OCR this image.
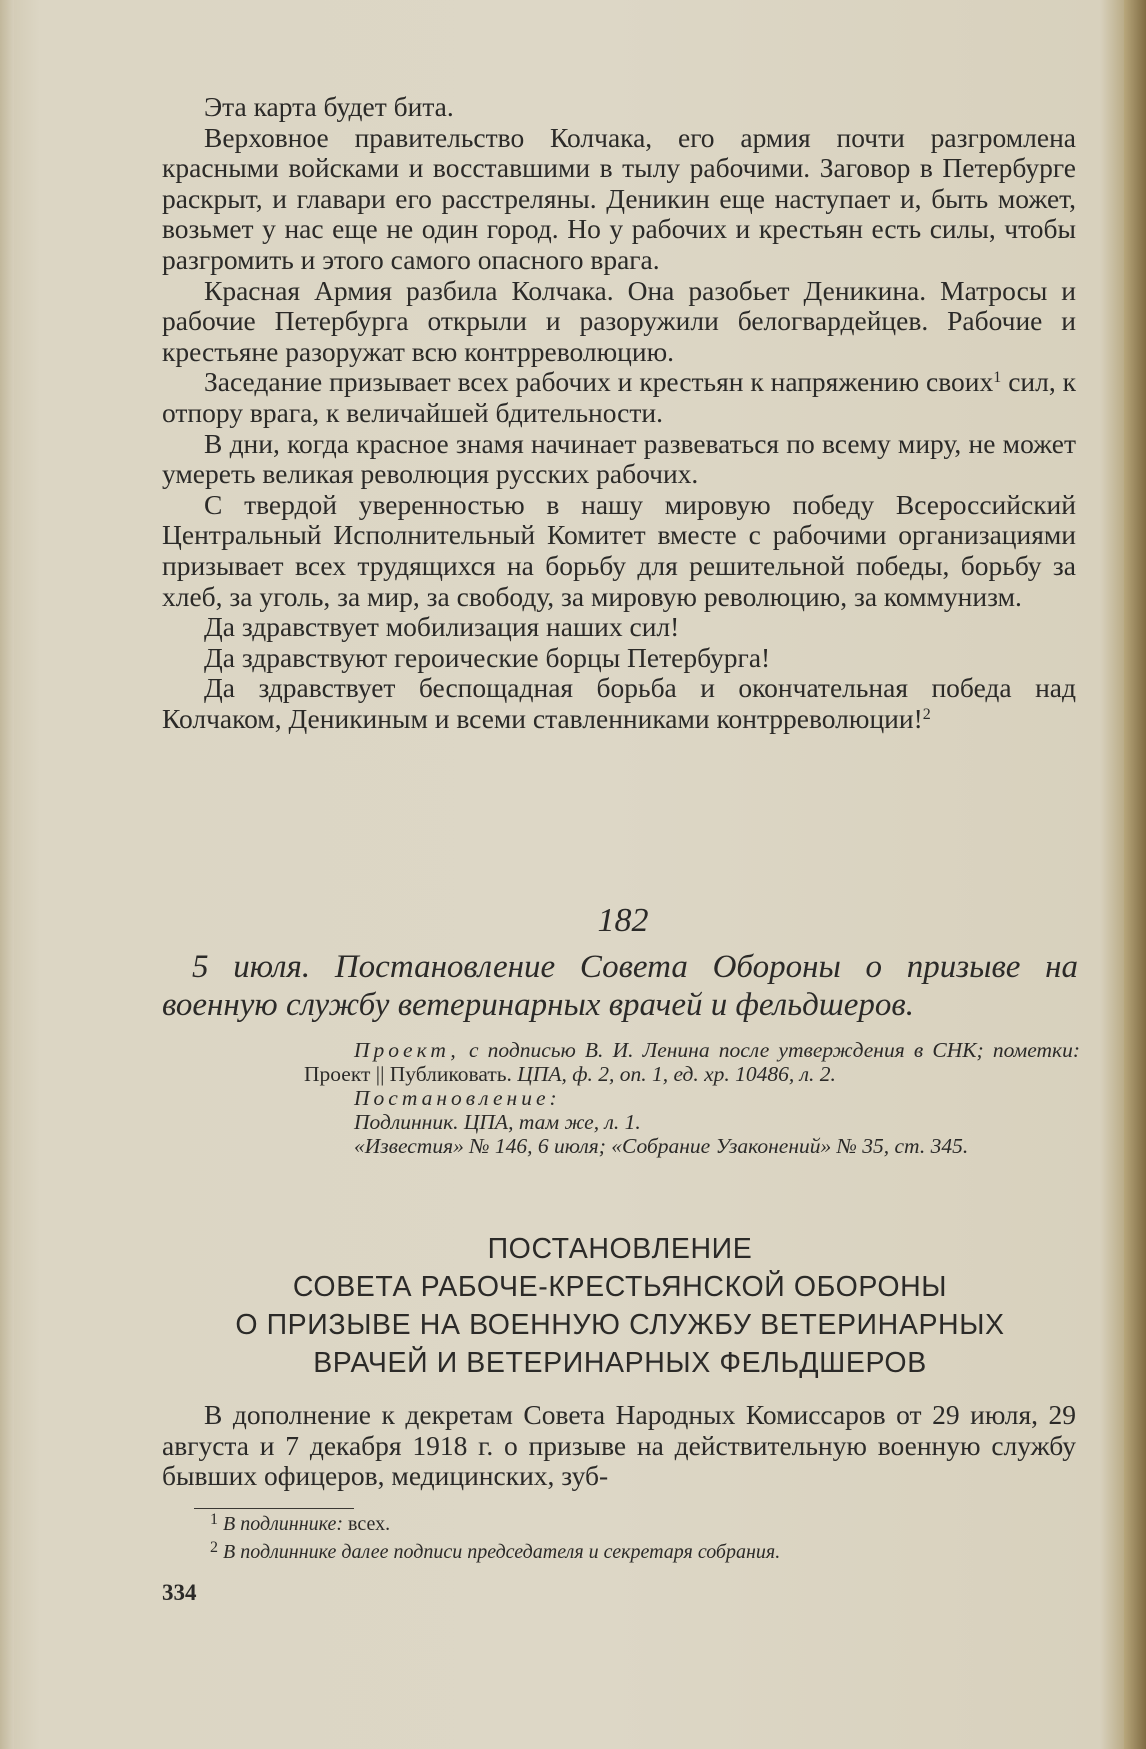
Эта карта будет бита.

Верховное правительство Колчака, его армия почти разгромлена красными войсками и восставшими в тылу рабочими. Заговор в Петербурге раскрыт, и главари его расстреляны. Деникин еще наступает и, быть может, возьмет у нас еще не один город. Но у рабочих и крестьян есть силы, чтобы разгромить и этого самого опасного врага.

Красная Армия разбила Колчака. Она разобьет Деникина. Матросы и рабочие Петербурга открыли и разоружили белогвардейцев. Рабочие и крестьяне разоружат всю контрреволюцию.

Заседание призывает всех рабочих и крестьян к напряжению своих$^1$ сил, к отпору врага, к величайшей бдительности.

В дни, когда красное знамя начинает развеваться по всему миру, не может умереть великая революция русских рабочих.

С твердой уверенностью в нашу мировую победу Всероссийский Центральный Исполнительный Комитет вместе с рабочими организациями призывает всех трудящихся на борьбу для решительной победы, борьбу за хлеб, за уголь, за мир, за свободу, за мировую революцию, за коммунизм.

Да здравствует мобилизация наших сил!

Да здравствуют героические борцы Петербурга!

Да здравствует беспощадная борьба и окончательная победа над Колчаком, Деникиным и всеми ставленниками контрреволюции!$^2$

182
5 июля. Постановление Совета Обороны о призыве на военную службу ветеринарных врачей и фельдшеров.

Проект, с подписью В. И. Ленина после утверждения в СНК; пометки: Проект || Публиковать. ЦПА, ф. 2, оп. 1, ед. хр. 10486, л. 2.

Постановление:

Подлинник. ЦПА, там же, л. 1.

«Известия» № 146, 6 июля; «Собрание Узаконений» № 35, ст. 345.

ПОСТАНОВЛЕНИЕ
СОВЕТА РАБОЧЕ-КРЕСТЬЯНСКОЙ ОБОРОНЫ
О ПРИЗЫВЕ НА ВОЕННУЮ СЛУЖБУ ВЕТЕРИНАРНЫХ
ВРАЧЕЙ И ВЕТЕРИНАРНЫХ ФЕЛЬДШЕРОВ

В дополнение к декретам Совета Народных Комиссаров от 29 июля, 29 августа и 7 декабря 1918 г. о призыве на действительную военную службу бывших офицеров, медицинских, зуб-

$^1$ В подлиннике: всех.

$^2$ В подлиннике далее подписи председателя и секретаря собрания.

334
